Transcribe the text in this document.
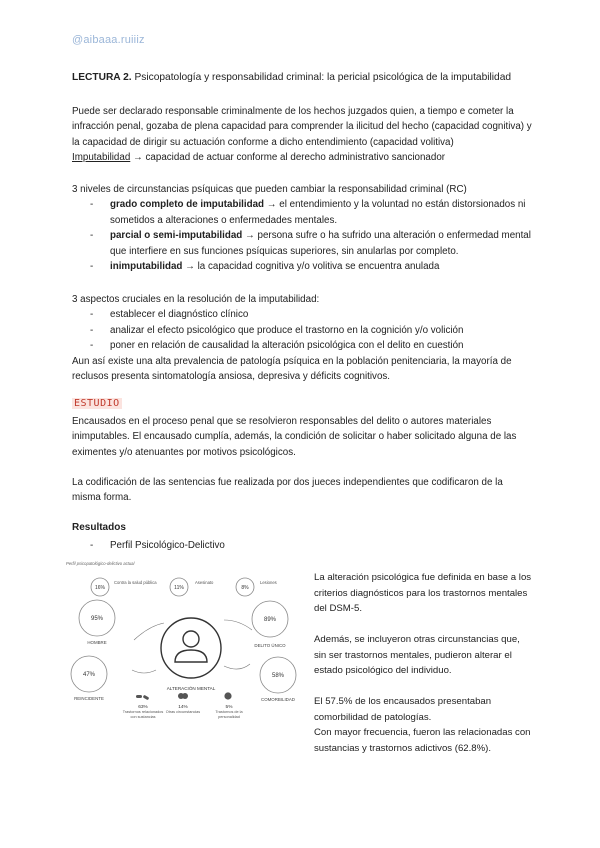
@aibaaa.ruiiiz
LECTURA 2. Psicopatología y responsabilidad criminal: la pericial psicológica de la imputabilidad
Puede ser declarado responsable criminalmente de los hechos juzgados quien, a tiempo e cometer la infracción penal, gozaba de plena capacidad para comprender la ilicitud del hecho (capacidad cognitiva) y la capacidad de dirigir su actuación conforme a dicho entendimiento (capacidad volitiva)
Imputabilidad → capacidad de actuar conforme al derecho administrativo sancionador
3 niveles de circunstancias psíquicas que pueden cambiar la responsabilidad criminal (RC)
- grado completo de imputabilidad → el entendimiento y la voluntad no están distorsionados ni sometidos a alteraciones o enfermedades mentales.
- parcial o semi-imputabilidad → persona sufre o ha sufrido una alteración o enfermedad mental que interfiere en sus funciones psíquicas superiores, sin anularlas por completo.
- inimputabilidad → la capacidad cognitiva y/o volitiva se encuentra anulada
3 aspectos cruciales en la resolución de la imputabilidad:
- establecer el diagnóstico clínico
- analizar el efecto psicológico que produce el trastorno en la cognición y/o volición
- poner en relación de causalidad la alteración psicológica con el delito en cuestión
Aun así existe una alta prevalencia de patología psíquica en la población penitenciaria, la mayoría de reclusos presenta sintomatología ansiosa, depresiva y déficits cognitivos.
ESTUDIO
Encausados en el proceso penal que se resolvieron responsables del delito o autores materiales inimputables. El encausado cumplía, además, la condición de solicitar o haber solicitado alguna de las eximentes y/o atenuantes por motivos psicológicos.
La codificación de las sentencias fue realizada por dos jueces independientes que codificaron de la misma forma.
Resultados
- Perfil Psicológico-Delictivo
Perfil psicopatológico-delictivo actual
16%
Contra la salud pública
11%
Asesinato
8%
Lesiones
95%
HOMBRE
47%
REINCIDENTE
89%
DELITO ÚNICO
58%
COMORBILIDAD
ALTERACIÓN MENTAL
63%
Trastornos relacionados con sustancias
14%
Otras circunstancias
5%
Trastornos de la personalidad
La alteración psicológica fue definida en base a los criterios diagnósticos para los trastornos mentales del DSM-5.
Además, se incluyeron otras circunstancias que, sin ser trastornos mentales, pudieron alterar el estado psicológico del individuo.
El 57.5% de los encausados presentaban comorbilidad de patologías.
Con mayor frecuencia, fueron las relacionadas con sustancias y trastornos adictivos (62.8%).
